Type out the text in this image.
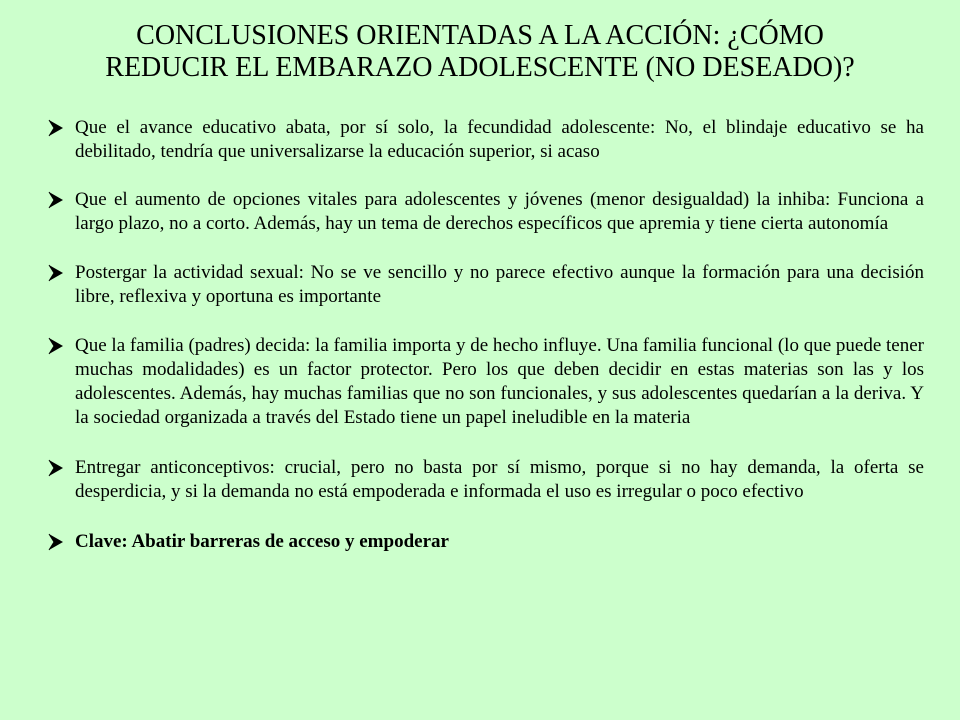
CONCLUSIONES ORIENTADAS A LA ACCIÓN: ¿CÓMO
REDUCIR EL EMBARAZO ADOLESCENTE (NO DESEADO)?
Que el avance educativo abata, por sí solo, la fecundidad adolescente: No, el blindaje educativo se ha debilitado, tendría que universalizarse la educación superior, si acaso
Que el aumento de opciones vitales para adolescentes y jóvenes (menor desigualdad) la inhiba: Funciona a largo plazo, no a corto. Además, hay un tema de derechos específicos que apremia y tiene cierta autonomía
Postergar la actividad sexual: No se ve sencillo y no parece efectivo aunque la formación para una decisión libre, reflexiva y oportuna es importante
Que la familia (padres) decida: la familia importa y de hecho influye. Una familia funcional (lo que puede tener muchas modalidades) es un factor protector. Pero los que deben decidir en estas materias son las y los adolescentes. Además, hay muchas familias que no son funcionales, y sus adolescentes quedarían a la deriva. Y la sociedad organizada a través del Estado tiene un papel ineludible en la materia
Entregar anticonceptivos: crucial, pero no basta por sí mismo, porque si no hay demanda, la oferta se desperdicia, y si la demanda no está empoderada e informada el uso es irregular o poco efectivo
Clave: Abatir barreras de acceso y empoderar
